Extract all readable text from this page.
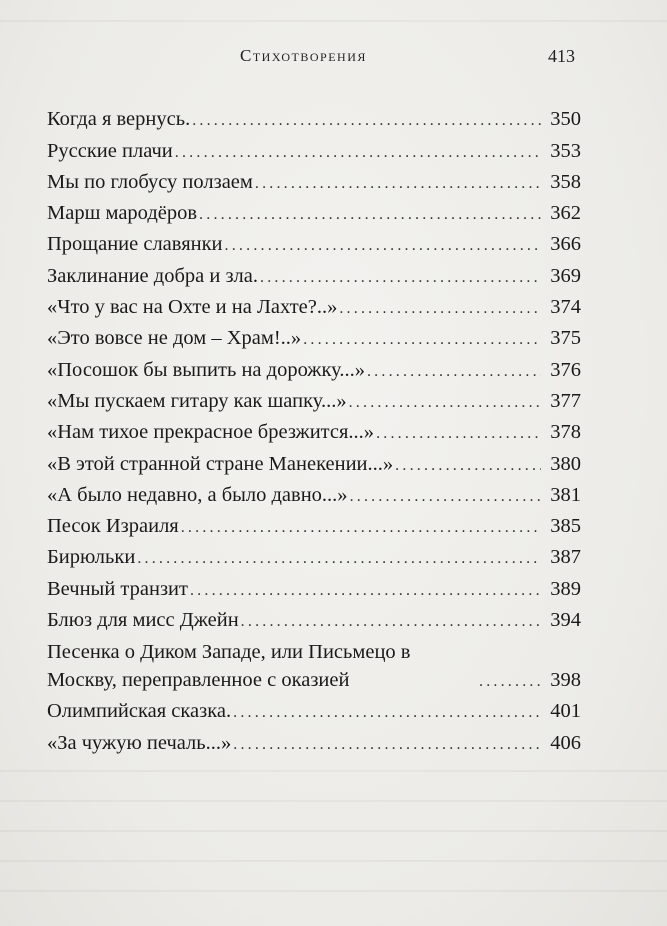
Стихотворения	413
Когда я вернусь. .....	350
Русские плачи .....	353
Мы по глобусу ползаем .....	358
Марш мародёров .....	362
Прощание славянки .....	366
Заклинание добра и зла. .....	369
«Что у вас на Охте и на Лахте?..» .....	374
«Это вовсе не дом – Храм!..» .....	375
«Посошок бы выпить на дорожку...» .....	376
«Мы пускаем гитару как шапку...» .....	377
«Нам тихое прекрасное брезжится...» .....	378
«В этой странной стране Манекении...» .....	380
«А было недавно, а было давно...» .....	381
Песок Израиля .....	385
Бирюльки .....	387
Вечный транзит .....	389
Блюз для мисс Джейн .....	394
Песенка о Диком Западе, или Письмецо в Москву, переправленное с оказией .....	398
Олимпийская сказка. .....	401
«За чужую печаль...» .....	406
